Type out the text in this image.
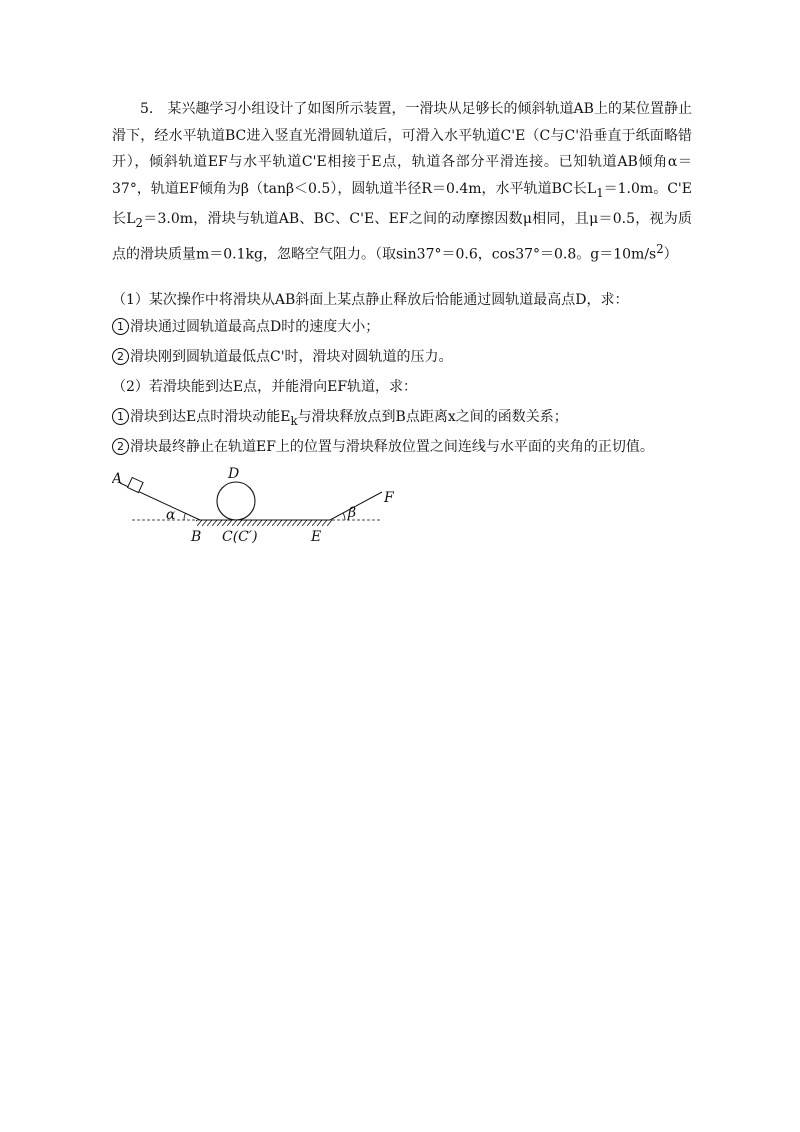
5.　某兴趣学习小组设计了如图所示装置，一滑块从足够长的倾斜轨道AB上的某位置静止滑下，经水平轨道BC进入竖直光滑圆轨道后，可滑入水平轨道C'E（C与C'沿垂直于纸面略错开），倾斜轨道EF与水平轨道C'E相接于E点，轨道各部分平滑连接。已知轨道AB倾角α＝37°，轨道EF倾角为β（tanβ＜0.5），圆轨道半径R＝0.4m，水平轨道BC长$L_1=1.0m$。C'E长$L_2=3.0m$，滑块与轨道AB、BC、C'E、EF之间的动摩擦因数μ相同，且μ＝0.5，视为质点的滑块质量m＝0.1kg，忽略空气阻力。（取sin37°＝0.6，cos37°＝0.8。$g=10m/s^2$）

（1）某次操作中将滑块从AB斜面上某点静止释放后恰能通过圆轨道最高点D，求：

1 滑块通过圆轨道最高点D时的速度大小；

2 滑块刚到圆轨道最低点C'时，滑块对圆轨道的压力。

（2）若滑块能到达E点，并能滑向EF轨道，求：

1 滑块到达E点时滑块动能$E_k$与滑块释放点到B点距离x之间的函数关系；

2 滑块最终静止在轨道EF上的位置与滑块释放位置之间连线与水平面的夹角的正切值。

A	D
F
α	β
B C(C′)	E
